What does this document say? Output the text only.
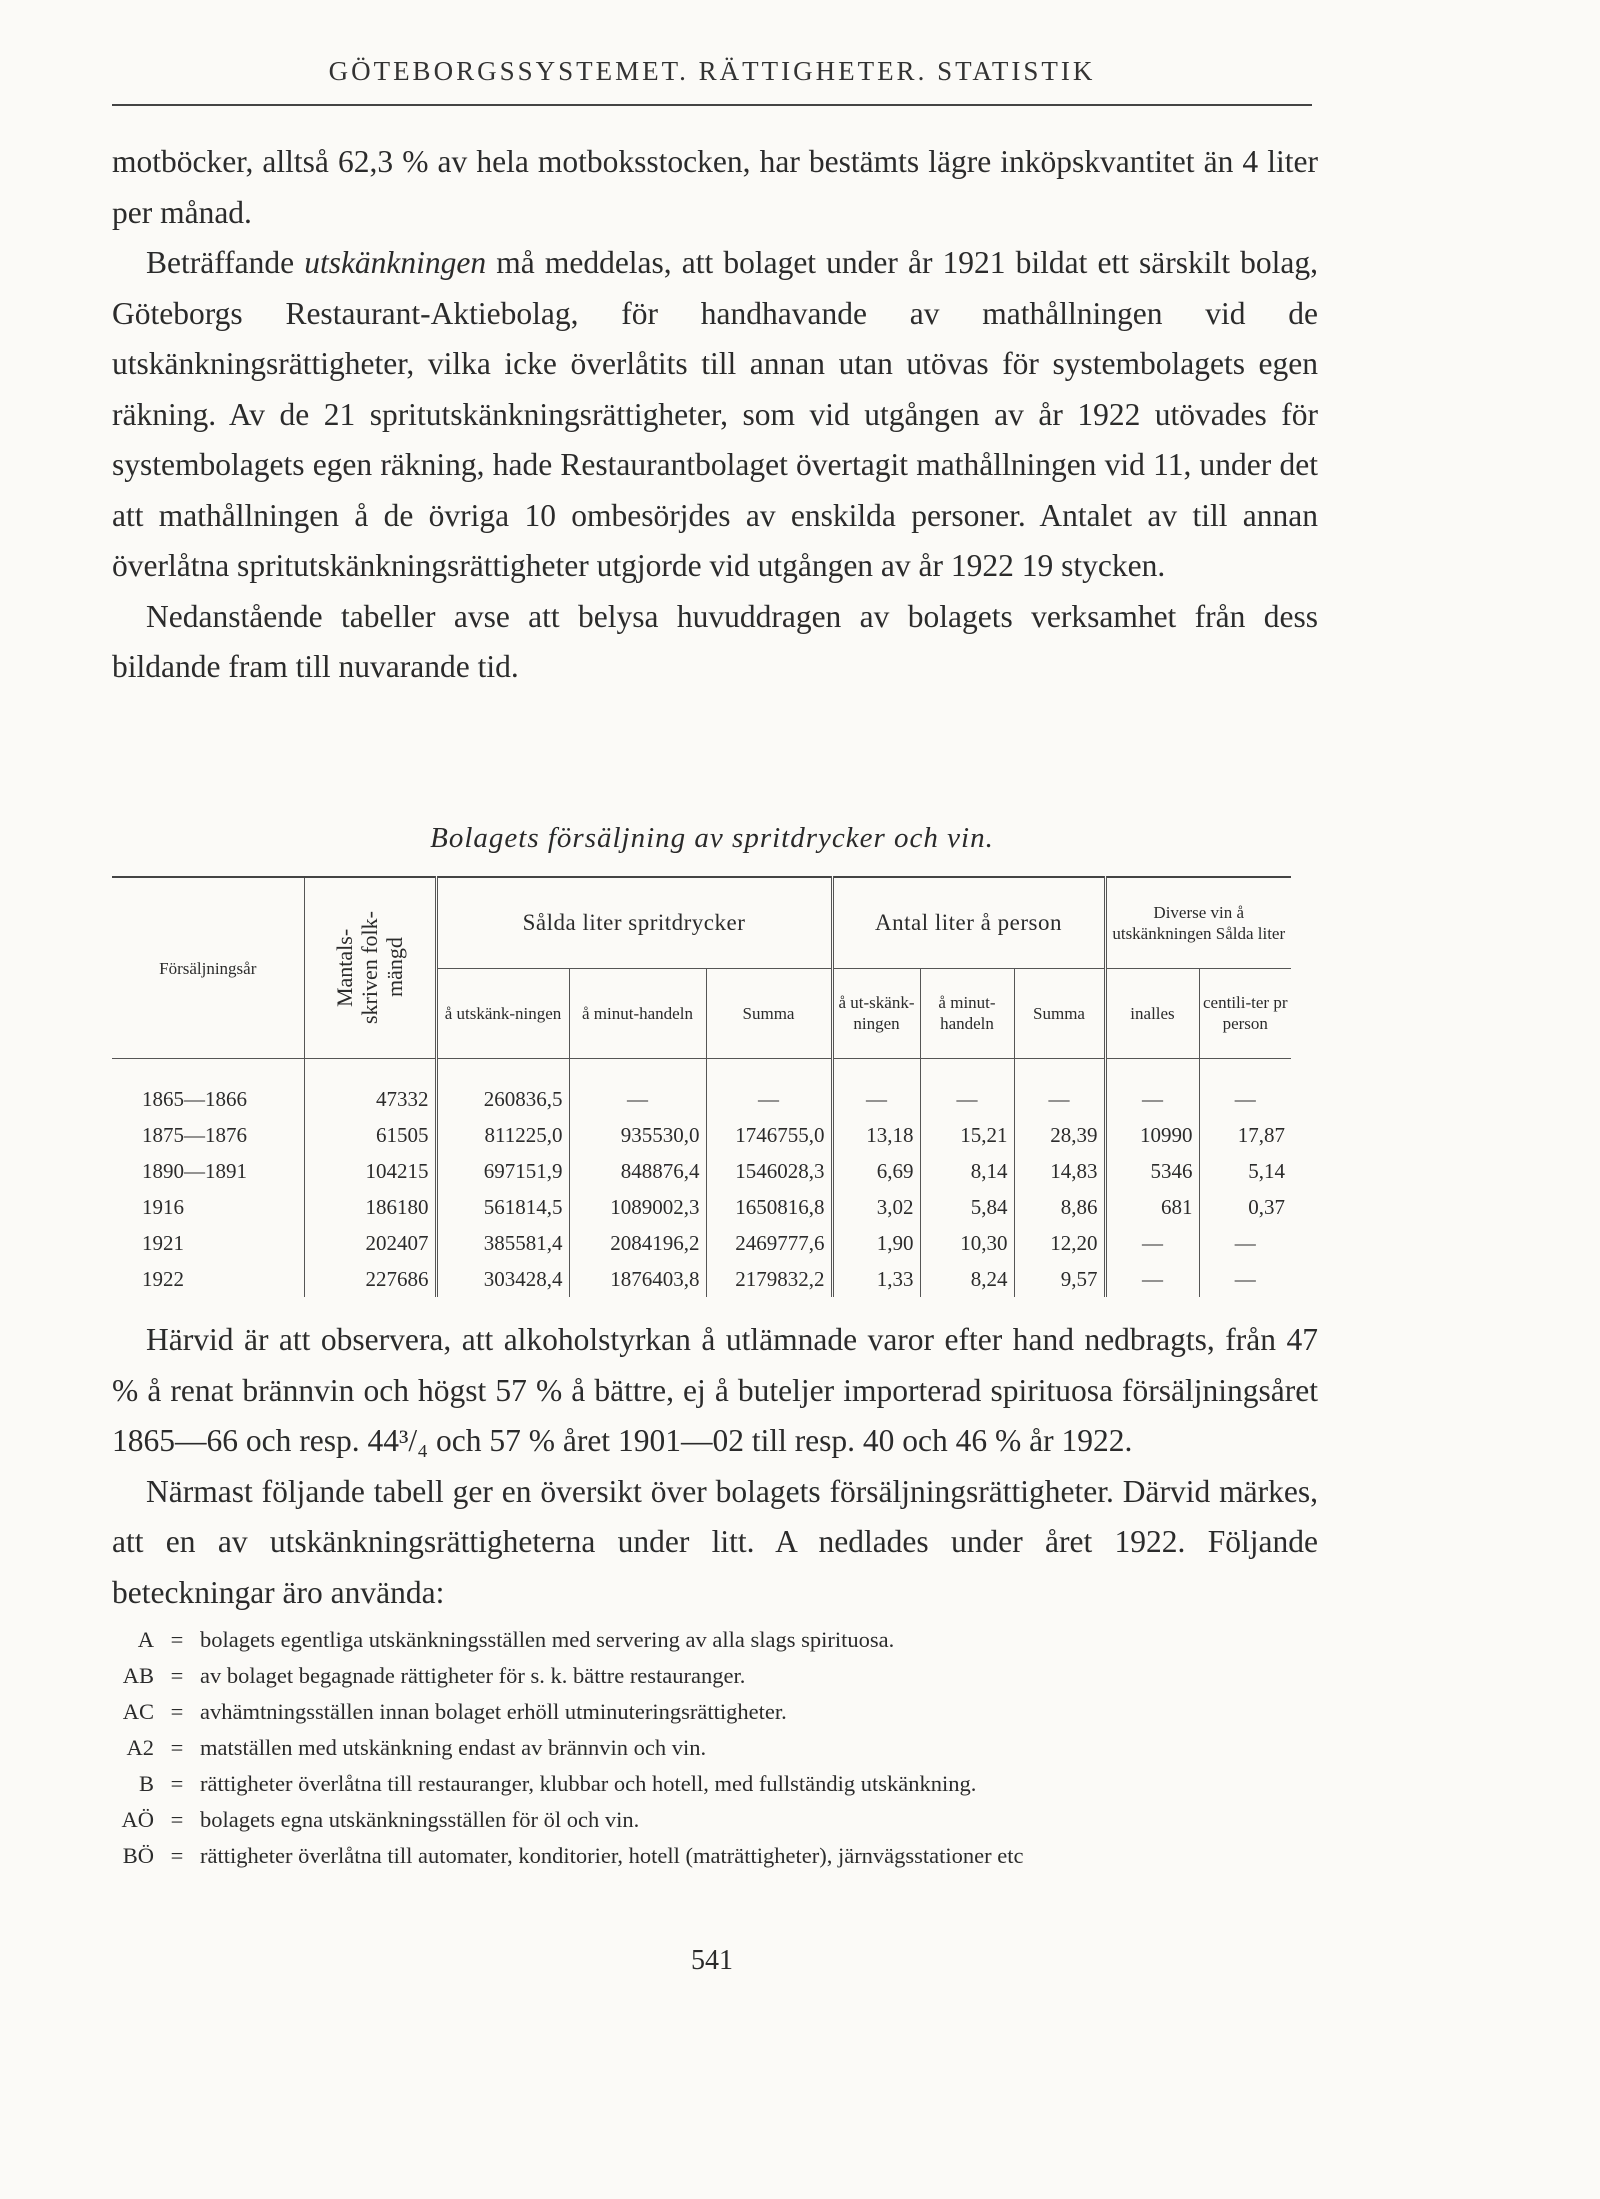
GÖTEBORGSSYSTEMET. RÄTTIGHETER. STATISTIK

motböcker, alltså 62,3 % av hela motboksstocken, har bestämts lägre inköpskvantitet än 4 liter per månad.

Beträffande utskänkningen må meddelas, att bolaget under år 1921 bildat ett särskilt bolag, Göteborgs Restaurant-Aktiebolag, för handhavande av mathållningen vid de utskänkningsrättigheter, vilka icke överlåtits till annan utan utövas för systembolagets egen räkning. Av de 21 spritutskänkningsrättigheter, som vid utgången av år 1922 utövades för systembolagets egen räkning, hade Restaurantbolaget övertagit mathållningen vid 11, under det att mathållningen å de övriga 10 ombesörjdes av enskilda personer. Antalet av till annan överlåtna spritutskänkningsrättigheter utgjorde vid utgången av år 1922 19 stycken.

Nedanstående tabeller avse att belysa huvuddragen av bolagets verksamhet från dess bildande fram till nuvarande tid.

Bolagets försäljning av spritdrycker och vin.
Försäljningsår	Mantals-
skriven folk-
mängd	Sålda liter spritdrycker			Antal liter å person			Diverse vin å utskänkningen Sålda liter	
		å utskänk-ningen	å minut-handeln	Summa	å ut-skänk-ningen	å minut-handeln	Summa	inalles	centili-ter pr person

1865—1866	47332	260836,5	—	—	—	—	—	—	—
1875—1876	61505	811225,0	935530,0	1746755,0	13,18	15,21	28,39	10990	17,87
1890—1891	104215	697151,9	848876,4	1546028,3	6,69	8,14	14,83	5346	5,14
1916	186180	561814,5	1089002,3	1650816,8	3,02	5,84	8,86	681	0,37
1921	202407	385581,4	2084196,2	2469777,6	1,90	10,30	12,20	—	—
1922	227686	303428,4	1876403,8	2179832,2	1,33	8,24	9,57	—	—

Härvid är att observera, att alkoholstyrkan å utlämnade varor efter hand nedbragts, från 47 % å renat brännvin och högst 57 % å bättre, ej å buteljer importerad spirituosa försäljningsåret 1865—66 och resp. 44³/₄ och 57 % året 1901—02 till resp. 40 och 46 % år 1922.

Närmast följande tabell ger en översikt över bolagets försäljningsrättigheter. Därvid märkes, att en av utskänkningsrättigheterna under litt. A nedlades under året 1922. Följande beteckningar äro använda:

A = bolagets egentliga utskänkningsställen med servering av alla slags spirituosa.
AB = av bolaget begagnade rättigheter för s. k. bättre restauranger.
AC = avhämtningsställen innan bolaget erhöll utminuteringsrättigheter.
A2 = matställen med utskänkning endast av brännvin och vin.
B = rättigheter överlåtna till restauranger, klubbar och hotell, med fullständig utskänkning.
AÖ = bolagets egna utskänkningsställen för öl och vin.
BÖ = rättigheter överlåtna till automater, konditorier, hotell (maträttigheter), järnvägsstationer etc
541
